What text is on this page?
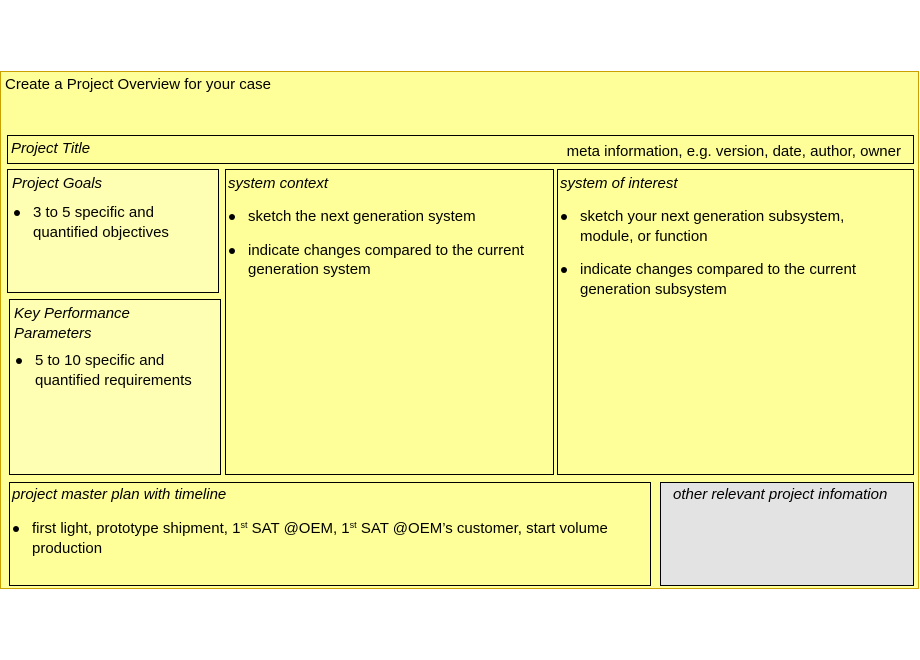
Create a Project Overview for your case
Project Title	meta information, e.g. version, date, author, owner
Project Goals
3 to 5 specific and quantified objectives
Key Performance Parameters
5 to 10 specific and quantified requirements
system context
sketch the next generation system
indicate changes compared to the current generation system
system of interest
sketch your next generation subsystem, module, or function
indicate changes compared to the current generation subsystem
project master plan with timeline
first light, prototype shipment, 1st SAT @OEM, 1st SAT @OEM’s customer, start volume production
other relevant project infomation
